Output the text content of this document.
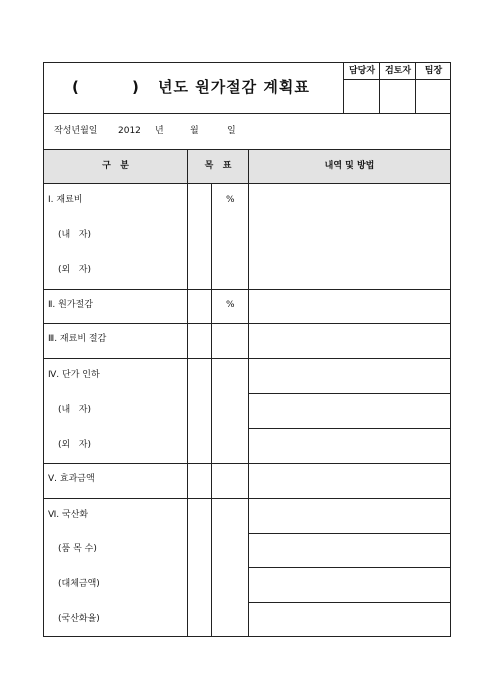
(	) 년도 원가절감 계획표
담당자	검토자	팀장
작성년월일 2012 년	월	일
구   분	목   표	내역 및 방법
Ⅰ. 재료비	%
(내   자)
(외   자)
Ⅱ. 원가절감	%
Ⅲ. 재료비 절감
Ⅳ. 단가 인하
(내   자)
(외   자)
Ⅴ. 효과금액
Ⅵ. 국산화
(품 목 수)
(대체금액)
(국산화율)
